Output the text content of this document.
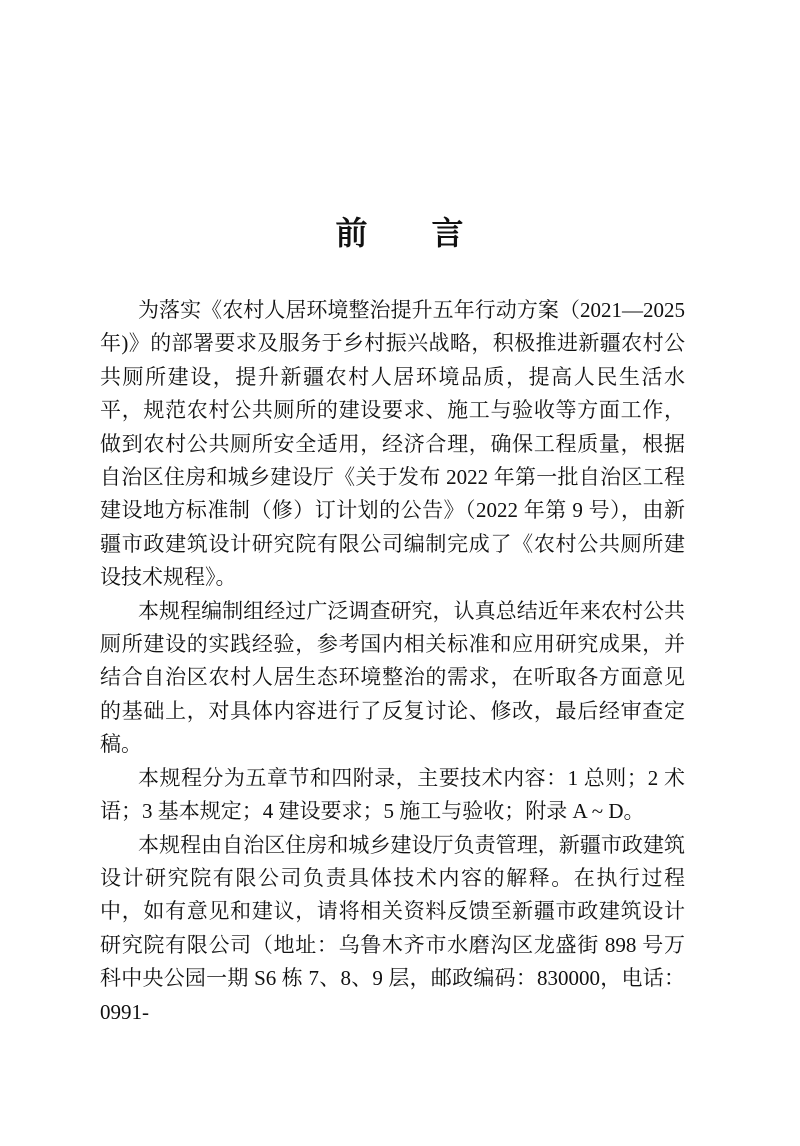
前 言

为落实《农村人居环境整治提升五年行动方案（2021—2025 年)》的部署要求及服务于乡村振兴战略，积极推进新疆农村公共厕所建设，提升新疆农村人居环境品质，提高人民生活水平，规范农村公共厕所的建设要求、施工与验收等方面工作，做到农村公共厕所安全适用，经济合理，确保工程质量，根据自治区住房和城乡建设厅《关于发布 2022 年第一批自治区工程建设地方标准制（修）订计划的公告》（2022 年第 9 号），由新疆市政建筑设计研究院有限公司编制完成了《农村公共厕所建设技术规程》。

本规程编制组经过广泛调查研究，认真总结近年来农村公共厕所建设的实践经验，参考国内相关标准和应用研究成果，并结合自治区农村人居生态环境整治的需求，在听取各方面意见的基础上，对具体内容进行了反复讨论、修改，最后经审查定稿。

本规程分为五章节和四附录，主要技术内容：1 总则；2 术语；3 基本规定；4 建设要求；5 施工与验收；附录 A ~ D。

本规程由自治区住房和城乡建设厅负责管理，新疆市政建筑设计研究院有限公司负责具体技术内容的解释。在执行过程中，如有意见和建议，请将相关资料反馈至新疆市政建筑设计研究院有限公司（地址：乌鲁木齐市水磨沟区龙盛街 898 号万科中央公园一期 S6 栋 7、8、9 层，邮政编码：830000，电话：0991-
